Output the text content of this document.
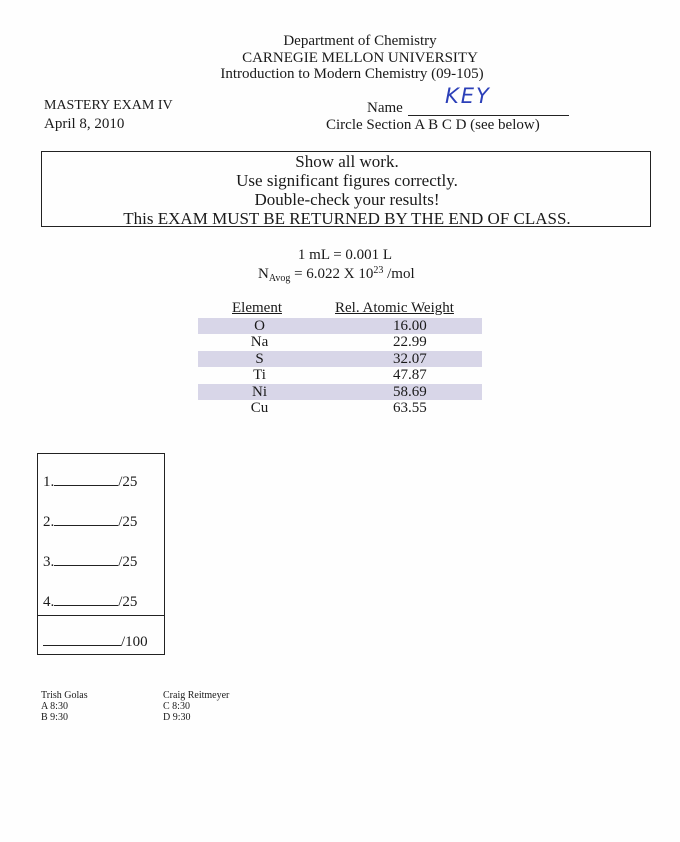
Department of Chemistry
CARNEGIE MELLON UNIVERSITY
Introduction to Modern Chemistry (09-105)
MASTERY EXAM IV
April 8, 2010
Name KEY
Circle Section A B C D (see below)
Show all work.
Use significant figures correctly.
Double-check your results!
This EXAM MUST BE RETURNED BY THE END OF CLASS.
1 mL = 0.001 L
$N_{Avog} = 6.022$ X $10^{23}$ /mol
Element	Rel. Atomic Weight
O	16.00
Na	22.99
S	32.07
Ti	47.87
Ni	58.69
Cu	63.55
1.	/25
2.	/25
3.	/25
4.	/25
/100
Trish Golas
A 8:30
B 9:30
Craig Reitmeyer
C 8:30
D 9:30
